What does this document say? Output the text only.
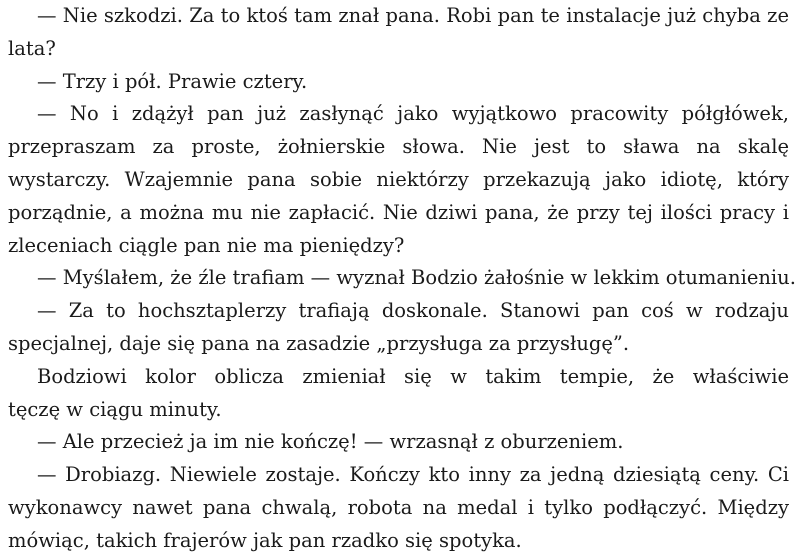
— Nie szkodzi. Za to ktoś tam znał pana. Robi pan te instalacje już chyba ze
lata?
— Trzy i pół. Prawie cztery.
— No i zdążył pan już zasłynąć jako wyjątkowo pracowity półgłówek,
przepraszam za proste, żołnierskie słowa. Nie jest to sława na skalę
wystarczy. Wzajemnie pana sobie niektórzy przekazują jako idiotę, który
porządnie, a można mu nie zapłacić. Nie dziwi pana, że przy tej ilości pracy i
zleceniach ciągle pan nie ma pieniędzy?
— Myślałem, że źle trafiam — wyznał Bodzio żałośnie w lekkim otumanieniu.
— Za to hochsztaplerzy trafiają doskonale. Stanowi pan coś w rodzaju
specjalnej, daje się pana na zasadzie „przysługa za przysługę”.
Bodziowi kolor oblicza zmieniał się w takim tempie, że właściwie
tęczę w ciągu minuty.
— Ale przecież ja im nie kończę! — wrzasnął z oburzeniem.
— Drobiazg. Niewiele zostaje. Kończy kto inny za jedną dziesiątą ceny. Ci
wykonawcy nawet pana chwalą, robota na medal i tylko podłączyć. Między
mówiąc, takich frajerów jak pan rzadko się spotyka.
